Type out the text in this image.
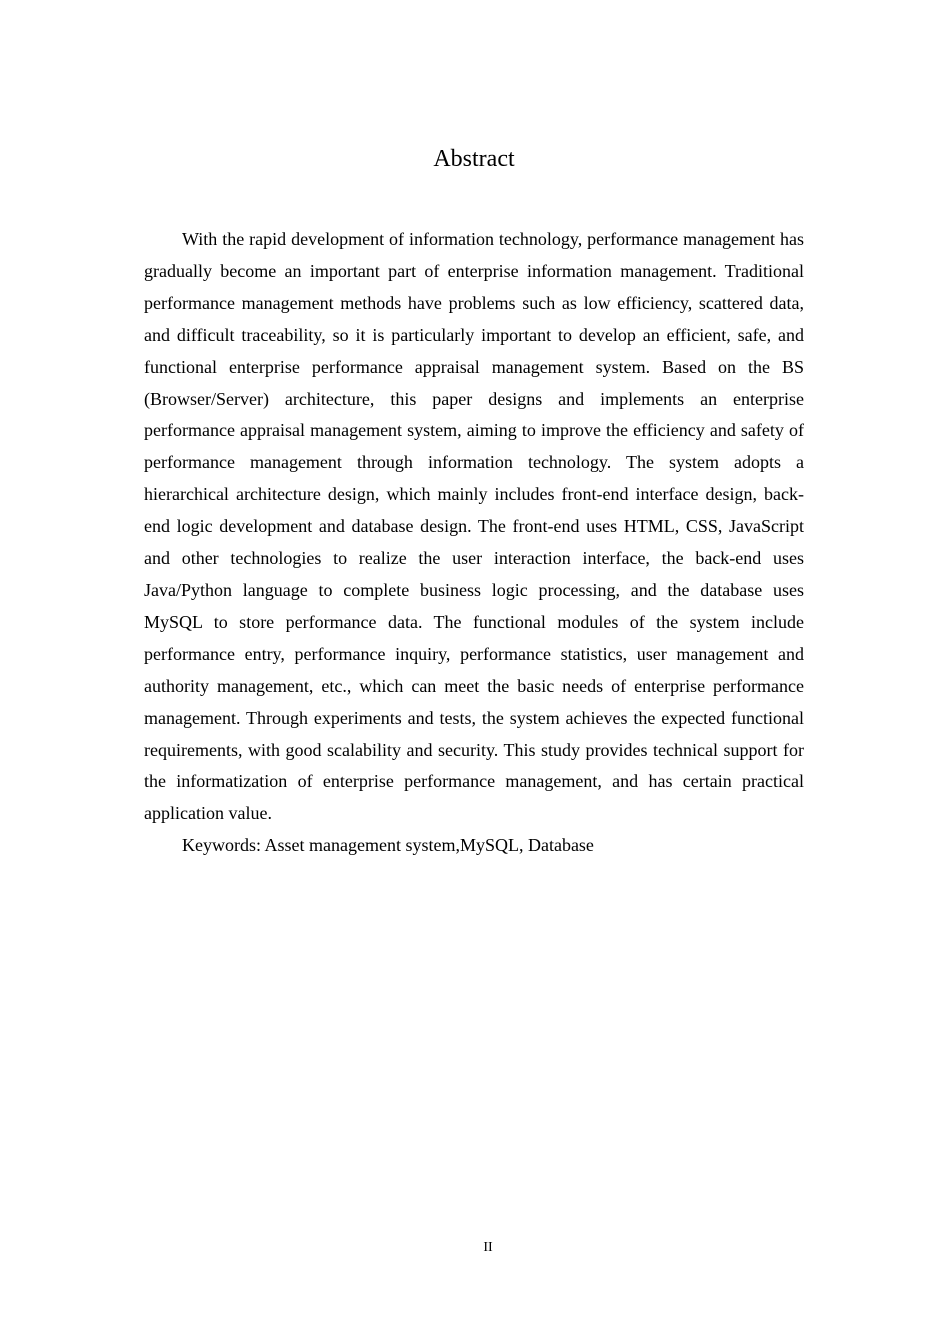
Abstract

With the rapid development of information technology, performance management has gradually become an important part of enterprise information management. Traditional performance management methods have problems such as low efficiency, scattered data, and difficult traceability, so it is particularly important to develop an efficient, safe, and functional enterprise performance appraisal management system. Based on the BS (Browser/Server) architecture, this paper designs and implements an enterprise performance appraisal management system, aiming to improve the efficiency and safety of performance management through information technology. The system adopts a hierarchical architecture design, which mainly includes front-end interface design, back-end logic development and database design. The front-end uses HTML, CSS, JavaScript and other technologies to realize the user interaction interface, the back-end uses Java/Python language to complete business logic processing, and the database uses MySQL to store performance data. The functional modules of the system include performance entry, performance inquiry, performance statistics, user management and authority management, etc., which can meet the basic needs of enterprise performance management. Through experiments and tests, the system achieves the expected functional requirements, with good scalability and security. This study provides technical support for the informatization of enterprise performance management, and has certain practical application value.

Keywords: Asset management system,MySQL, Database

II
